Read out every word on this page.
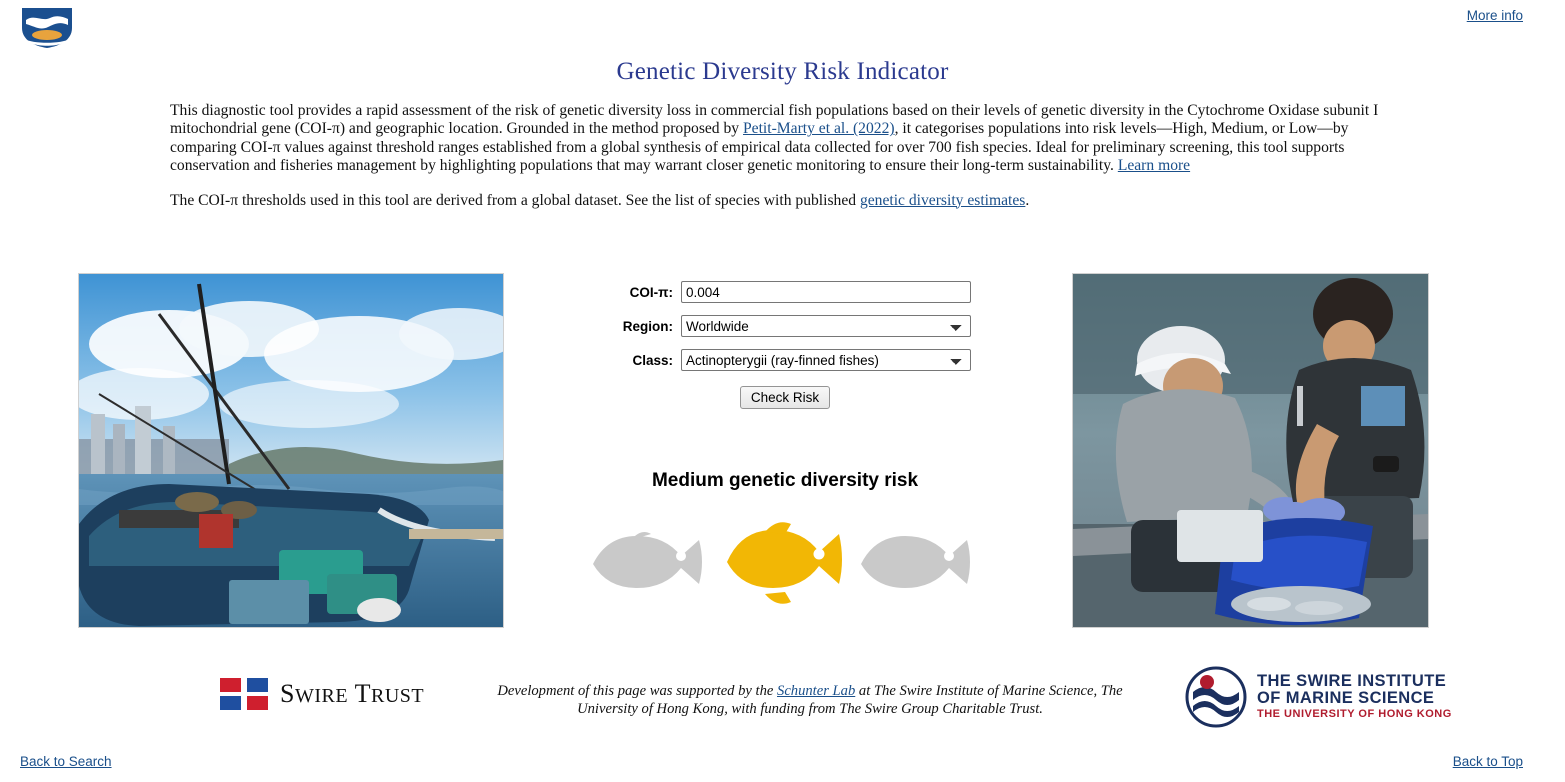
More info
Genetic Diversity Risk Indicator

This diagnostic tool provides a rapid assessment of the risk of genetic diversity loss in commercial fish populations based on their levels of genetic diversity in the Cytochrome Oxidase subunit I mitochondrial gene (COI-π) and geographic location. Grounded in the method proposed by Petit-Marty et al. (2022), it categorises populations into risk levels—High, Medium, or Low—by comparing COI-π values against threshold ranges established from a global synthesis of empirical data collected for over 700 fish species. Ideal for preliminary screening, this tool supports conservation and fisheries management by highlighting populations that may warrant closer genetic monitoring to ensure their long-term sustainability. Learn more

The COI-π thresholds used in this tool are derived from a global dataset. See the list of species with published genetic diversity estimates.

COI-π:
0.004
Region:
Worldwide
Class:
Actinopterygii (ray-finned fishes)
Check Risk
Medium genetic diversity risk
SWIRE TRUST	Development of this page was supported by the Schunter Lab at The Swire Institute of Marine Science, The University of Hong Kong, with funding from The Swire Group Charitable Trust.
THE SWIRE INSTITUTE
OF MARINE SCIENCE
THE UNIVERSITY OF HONG KONG
Back to Search	Back to Top
